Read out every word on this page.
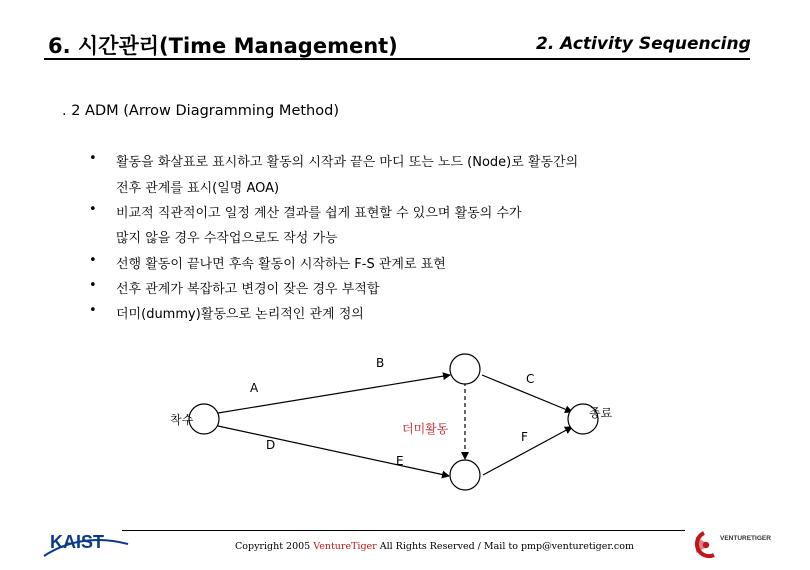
6. 시간관리(Time Management)	2. Activity Sequencing
. 2 ADM (Arrow Diagramming Method)
• 활동을 화살표로 표시하고 활동의 시작과 끝은 마디 또는 노드 (Node)로 활동간의
전후 관계를 표시(일명 AOA)
• 비교적 직관적이고 일정 계산 결과를 쉽게 표현할 수 있으며 활동의 수가
많지 않을 경우 수작업으로도 작성 가능
• 선행 활동이 끝나면 후속 활동이 시작하는 F-S 관계로 표현
• 선후 관계가 복잡하고 변경이 잦은 경우 부적합
• 더미(dummy)활동으로 논리적인 관계 정의
A
B
C
D
E
F
착수	종료
더미활동
KAIST	Copyright 2005 VentureTiger All Rights Reserved / Mail to pmp@venturetiger.com
VENTURETIGER
